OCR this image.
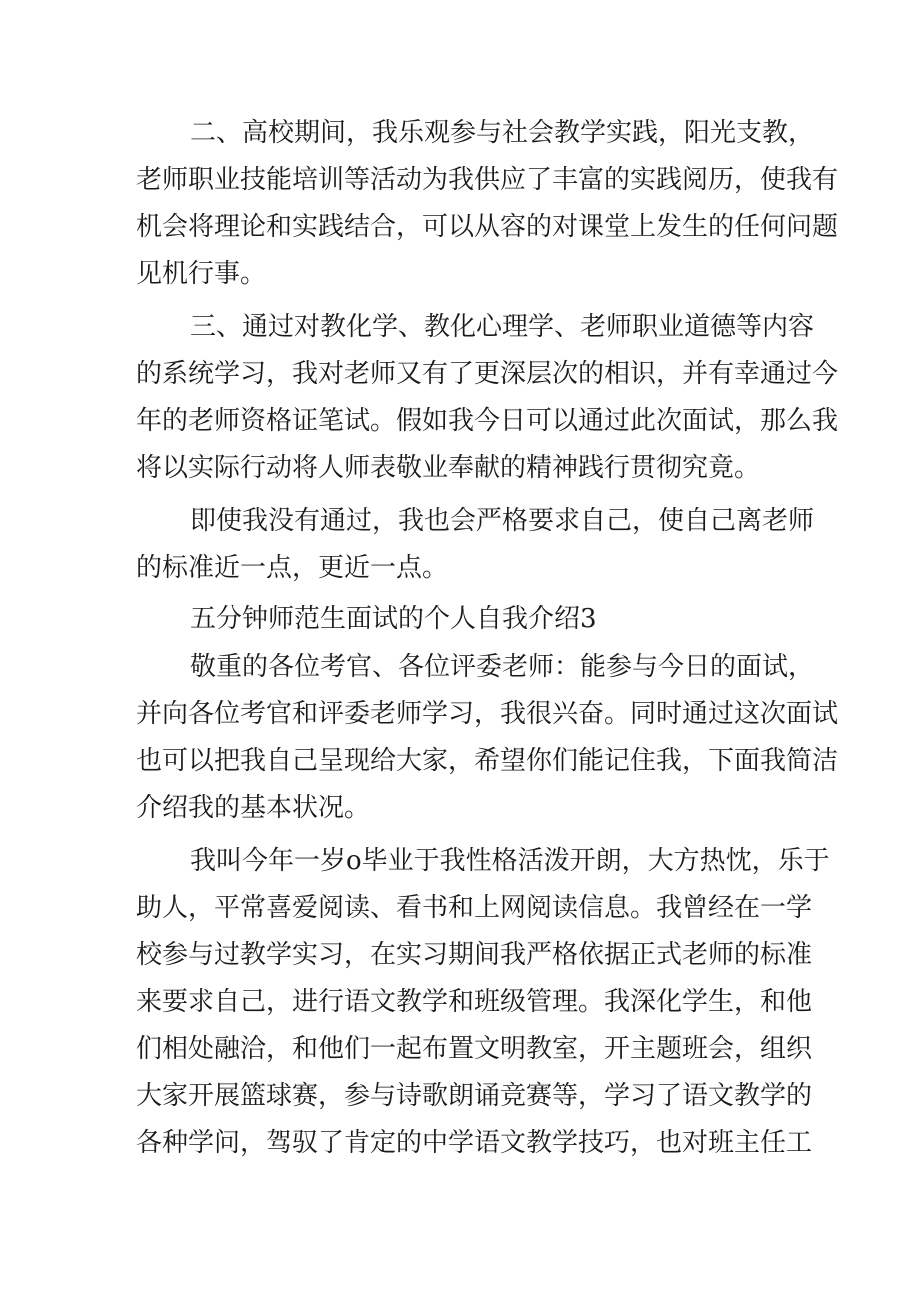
二、高校期间，我乐观参与社会教学实践，阳光支教，
老师职业技能培训等活动为我供应了丰富的实践阅历，使我有
机会将理论和实践结合，可以从容的对课堂上发生的任何问题
见机行事。
三、通过对教化学、教化心理学、老师职业道德等内容
的系统学习，我对老师又有了更深层次的相识，并有幸通过今
年的老师资格证笔试。假如我今日可以通过此次面试，那么我
将以实际行动将人师表敬业奉献的精神践行贯彻究竟。
即使我没有通过，我也会严格要求自己，使自己离老师
的标准近一点，更近一点。
五分钟师范生面试的个人自我介绍3
敬重的各位考官、各位评委老师：能参与今日的面试，
并向各位考官和评委老师学习，我很兴奋。同时通过这次面试
也可以把我自己呈现给大家，希望你们能记住我，下面我简洁
介绍我的基本状况。
我叫今年一岁o毕业于我性格活泼开朗，大方热忱，乐于
助人，平常喜爱阅读、看书和上网阅读信息。我曾经在一学
校参与过教学实习，在实习期间我严格依据正式老师的标准
来要求自己，进行语文教学和班级管理。我深化学生，和他
们相处融洽，和他们一起布置文明教室，开主题班会，组织
大家开展篮球赛，参与诗歌朗诵竞赛等，学习了语文教学的
各种学问，驾驭了肯定的中学语文教学技巧，也对班主任工
